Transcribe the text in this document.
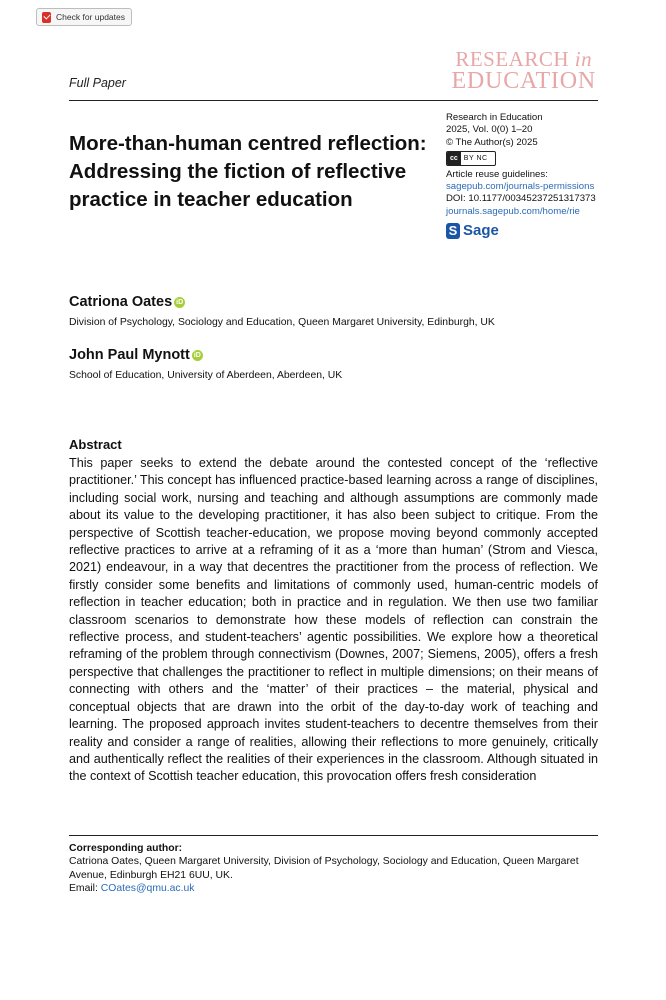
Check for updates
RESEARCH in
EDUCATION
Full Paper
More-than-human centred reflection: Addressing the fiction of reflective practice in teacher education
Research in Education
2025, Vol. 0(0) 1–20
© The Author(s) 2025
cc BY NC
Article reuse guidelines:
sagepub.com/journals-permissions
DOI: 10.1177/00345237251317373
journals.sagepub.com/home/rie
S Sage
Catriona Oates iD
Division of Psychology, Sociology and Education, Queen Margaret University, Edinburgh, UK
John Paul Mynott iD
School of Education, University of Aberdeen, Aberdeen, UK
Abstract

This paper seeks to extend the debate around the contested concept of the ‘reflective practitioner.’ This concept has influenced practice-based learning across a range of disciplines, including social work, nursing and teaching and although assumptions are commonly made about its value to the developing practitioner, it has also been subject to critique. From the perspective of Scottish teacher-education, we propose moving beyond commonly accepted reflective practices to arrive at a reframing of it as a ‘more than human’ (Strom and Viesca, 2021) endeavour, in a way that decentres the practitioner from the process of reflection. We firstly consider some benefits and limitations of commonly used, human-centric models of reflection in teacher education; both in practice and in regulation. We then use two familiar classroom scenarios to demonstrate how these models of reflection can constrain the reflective process, and student-teachers’ agentic possibilities. We explore how a theoretical reframing of the problem through connectivism (Downes, 2007; Siemens, 2005), offers a fresh perspective that challenges the practitioner to reflect in multiple dimensions; on their means of connecting with others and the ‘matter’ of their practices – the material, physical and conceptual objects that are drawn into the orbit of the day-to-day work of teaching and learning. The proposed approach invites student-teachers to decentre themselves from their reality and consider a range of realities, allowing their reflections to more genuinely, critically and authentically reflect the realities of their experiences in the classroom. Although situated in the context of Scottish teacher education, this provocation offers fresh consideration

Corresponding author:
Catriona Oates, Queen Margaret University, Division of Psychology, Sociology and Education, Queen Margaret Avenue, Edinburgh EH21 6UU, UK.
Email: COates@qmu.ac.uk
